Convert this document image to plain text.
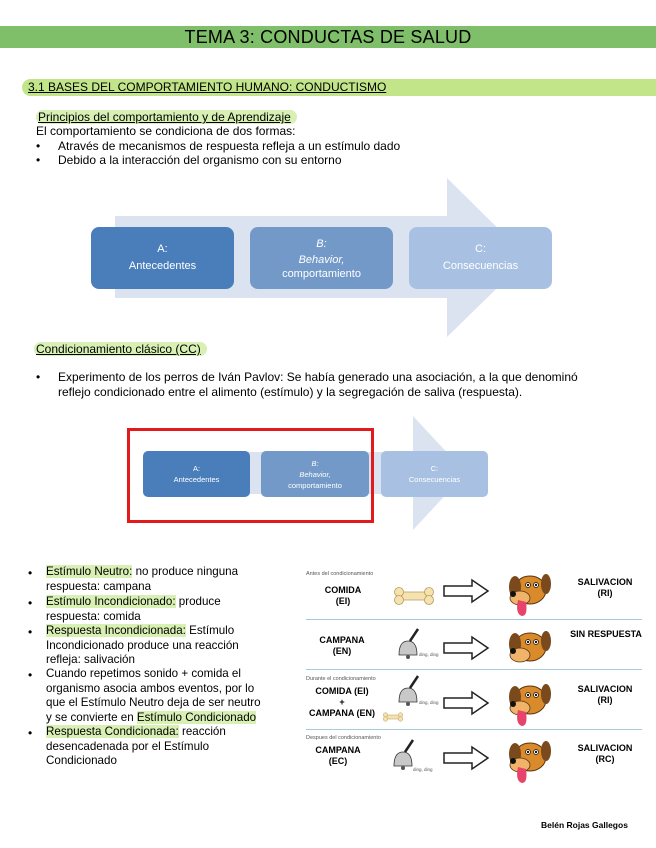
TEMA 3: CONDUCTAS DE SALUD
3.1 BASES DEL COMPORTAMIENTO HUMANO: CONDUCTISMO
Principios del comportamiento y de Aprendizaje
El comportamiento se condiciona de dos formas:
• Através de mecanismos de respuesta refleja a un estímulo dado
• Debido a la interacción del organismo con su entorno
A:
Antecedentes
B:
Behavior,
comportamiento
C:
Consecuencias
Condicionamiento clásico (CC)
• Experimento de los perros de Iván Pavlov: Se había generado una asociación, a la que denominó
reflejo condicionado entre el alimento (estímulo) y la segregación de saliva (respuesta).
A:
Antecedentes
B:
Behavior,
comportamiento
C:
Consecuencias
• Estímulo Neutro: no produce ninguna
respuesta: campana
• Estímulo Incondicionado: produce
respuesta: comida
• Respuesta Incondicionada: Estímulo
Incondicionado produce una reacción
refleja: salivación
• Cuando repetimos sonido + comida el
organismo asocia ambos eventos, por lo
que el Estímulo Neutro deja de ser neutro
y se convierte en Estímulo Condicionado
• Respuesta Condicionada: reacción
desencadenada por el Estímulo
Condicionado
Antes del condicionamiento
COMIDA
(EI)
SALIVACION
(RI)
CAMPANA
(EN)
SIN RESPUESTA
Durante el condicionamiento
COMIDA (EI)
+
CAMPANA (EN)
SALIVACION
(RI)
Despues del condicionamiento
CAMPANA
(EC)
SALIVACION
(RC)
ding, ding
ding, ding
ding, ding
Belén Rojas Gallegos
